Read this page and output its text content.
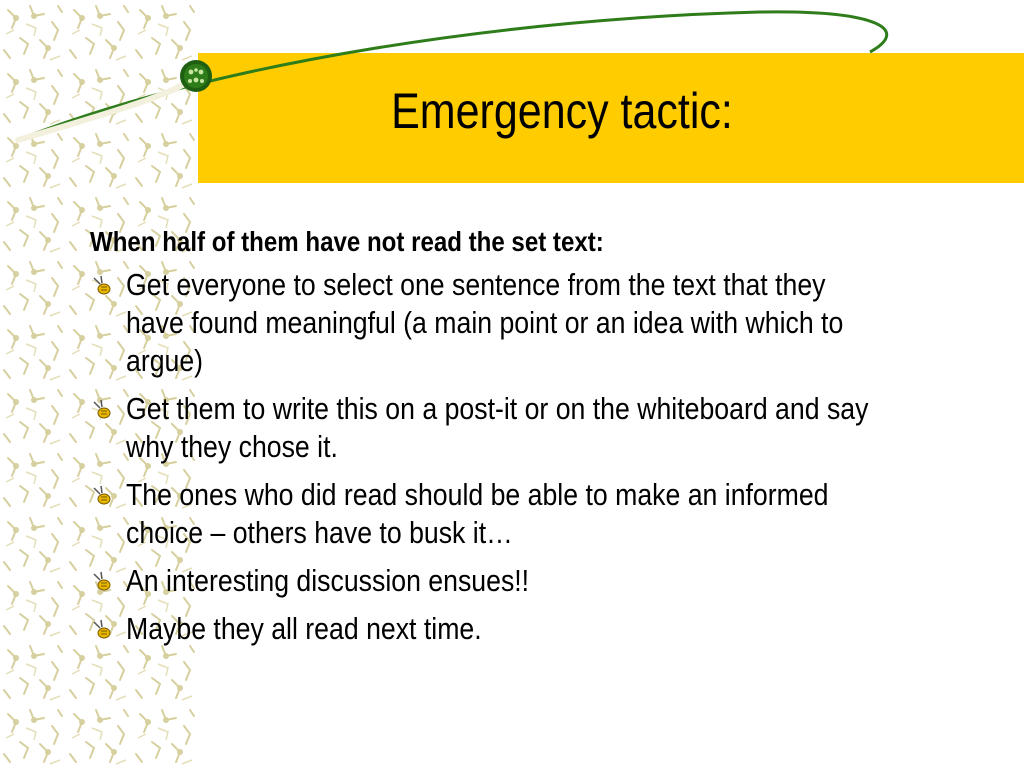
Emergency tactic:

When half of them have not read the set text:

Get everyone to select one sentence from the text that they have found meaningful (a main point or an idea with which to argue)
Get them to write this on a post-it or on the whiteboard and say why they chose it.
The ones who did read should be able to make an informed choice – others have to busk it…
An interesting discussion ensues!!
Maybe they all read next time.
